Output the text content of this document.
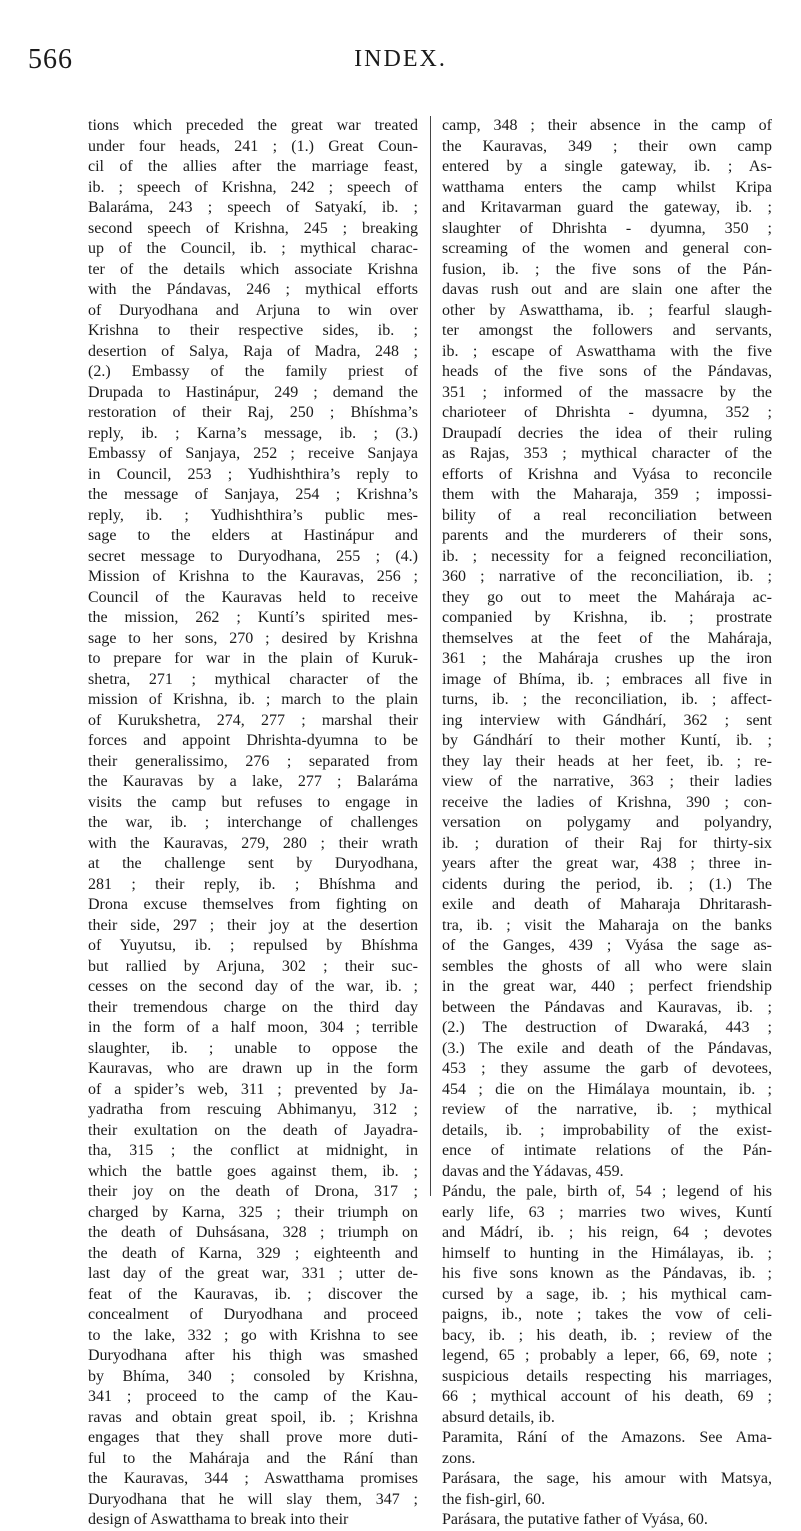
566	INDEX.
tions which preceded the great war treated
under four heads, 241 ; (1.) Great Coun-
cil of the allies after the marriage feast,
ib. ; speech of Krishna, 242 ; speech of
Balaráma, 243 ; speech of Satyakí, ib. ;
second speech of Krishna, 245 ; breaking
up of the Council, ib. ; mythical charac-
ter of the details which associate Krishna
with the Pándavas, 246 ; mythical efforts
of Duryodhana and Arjuna to win over
Krishna to their respective sides, ib. ;
desertion of Salya, Raja of Madra, 248 ;
(2.) Embassy of the family priest of
Drupada to Hastinápur, 249 ; demand the
restoration of their Raj, 250 ; Bhíshma’s
reply, ib. ; Karna’s message, ib. ; (3.)
Embassy of Sanjaya, 252 ; receive Sanjaya
in Council, 253 ; Yudhishthira’s reply to
the message of Sanjaya, 254 ; Krishna’s
reply, ib. ; Yudhishthira’s public mes-
sage to the elders at Hastinápur and
secret message to Duryodhana, 255 ; (4.)
Mission of Krishna to the Kauravas, 256 ;
Council of the Kauravas held to receive
the mission, 262 ; Kuntí’s spirited mes-
sage to her sons, 270 ; desired by Krishna
to prepare for war in the plain of Kuruk-
shetra, 271 ; mythical character of the
mission of Krishna, ib. ; march to the plain
of Kurukshetra, 274, 277 ; marshal their
forces and appoint Dhrishta-dyumna to be
their generalissimo, 276 ; separated from
the Kauravas by a lake, 277 ; Balaráma
visits the camp but refuses to engage in
the war, ib. ; interchange of challenges
with the Kauravas, 279, 280 ; their wrath
at the challenge sent by Duryodhana,
281 ; their reply, ib. ; Bhíshma and
Drona excuse themselves from fighting on
their side, 297 ; their joy at the desertion
of Yuyutsu, ib. ; repulsed by Bhíshma
but rallied by Arjuna, 302 ; their suc-
cesses on the second day of the war, ib. ;
their tremendous charge on the third day
in the form of a half moon, 304 ; terrible
slaughter, ib. ; unable to oppose the
Kauravas, who are drawn up in the form
of a spider’s web, 311 ; prevented by Ja-
yadratha from rescuing Abhimanyu, 312 ;
their exultation on the death of Jayadra-
tha, 315 ; the conflict at midnight, in
which the battle goes against them, ib. ;
their joy on the death of Drona, 317 ;
charged by Karna, 325 ; their triumph on
the death of Duhsásana, 328 ; triumph on
the death of Karna, 329 ; eighteenth and
last day of the great war, 331 ; utter de-
feat of the Kauravas, ib. ; discover the
concealment of Duryodhana and proceed
to the lake, 332 ; go with Krishna to see
Duryodhana after his thigh was smashed
by Bhíma, 340 ; consoled by Krishna,
341 ; proceed to the camp of the Kau-
ravas and obtain great spoil, ib. ; Krishna
engages that they shall prove more duti-
ful to the Maháraja and the Rání than
the Kauravas, 344 ; Aswatthama promises
Duryodhana that he will slay them, 347 ;
design of Aswatthama to break into their
camp, 348 ; their absence in the camp of
the Kauravas, 349 ; their own camp
entered by a single gateway, ib. ; As-
watthama enters the camp whilst Kripa
and Kritavarman guard the gateway, ib. ;
slaughter of Dhrishta - dyumna, 350 ;
screaming of the women and general con-
fusion, ib. ; the five sons of the Pán-
davas rush out and are slain one after the
other by Aswatthama, ib. ; fearful slaugh-
ter amongst the followers and servants,
ib. ; escape of Aswatthama with the five
heads of the five sons of the Pándavas,
351 ; informed of the massacre by the
charioteer of Dhrishta - dyumna, 352 ;
Draupadí decries the idea of their ruling
as Rajas, 353 ; mythical character of the
efforts of Krishna and Vyása to reconcile
them with the Maharaja, 359 ; impossi-
bility of a real reconciliation between
parents and the murderers of their sons,
ib. ; necessity for a feigned reconciliation,
360 ; narrative of the reconciliation, ib. ;
they go out to meet the Maháraja ac-
companied by Krishna, ib. ; prostrate
themselves at the feet of the Maháraja,
361 ; the Maháraja crushes up the iron
image of Bhíma, ib. ; embraces all five in
turns, ib. ; the reconciliation, ib. ; affect-
ing interview with Gándhárí, 362 ; sent
by Gándhárí to their mother Kuntí, ib. ;
they lay their heads at her feet, ib. ; re-
view of the narrative, 363 ; their ladies
receive the ladies of Krishna, 390 ; con-
versation on polygamy and polyandry,
ib. ; duration of their Raj for thirty-six
years after the great war, 438 ; three in-
cidents during the period, ib. ; (1.) The
exile and death of Maharaja Dhritarash-
tra, ib. ; visit the Maharaja on the banks
of the Ganges, 439 ; Vyása the sage as-
sembles the ghosts of all who were slain
in the great war, 440 ; perfect friendship
between the Pándavas and Kauravas, ib. ;
(2.) The destruction of Dwaraká, 443 ;
(3.) The exile and death of the Pándavas,
453 ; they assume the garb of devotees,
454 ; die on the Himálaya mountain, ib. ;
review of the narrative, ib. ; mythical
details, ib. ; improbability of the exist-
ence of intimate relations of the Pán-
davas and the Yádavas, 459.
Pándu, the pale, birth of, 54 ; legend of his
early life, 63 ; marries two wives, Kuntí
and Mádrí, ib. ; his reign, 64 ; devotes
himself to hunting in the Himálayas, ib. ;
his five sons known as the Pándavas, ib. ;
cursed by a sage, ib. ; his mythical cam-
paigns, ib., note ; takes the vow of celi-
bacy, ib. ; his death, ib. ; review of the
legend, 65 ; probably a leper, 66, 69, note ;
suspicious details respecting his marriages,
66 ; mythical account of his death, 69 ;
absurd details, ib.
Paramita, Rání of the Amazons. See Ama-
zons.
Parásara, the sage, his amour with Matsya,
the fish-girl, 60.
Parásara, the putative father of Vyása, 60.
